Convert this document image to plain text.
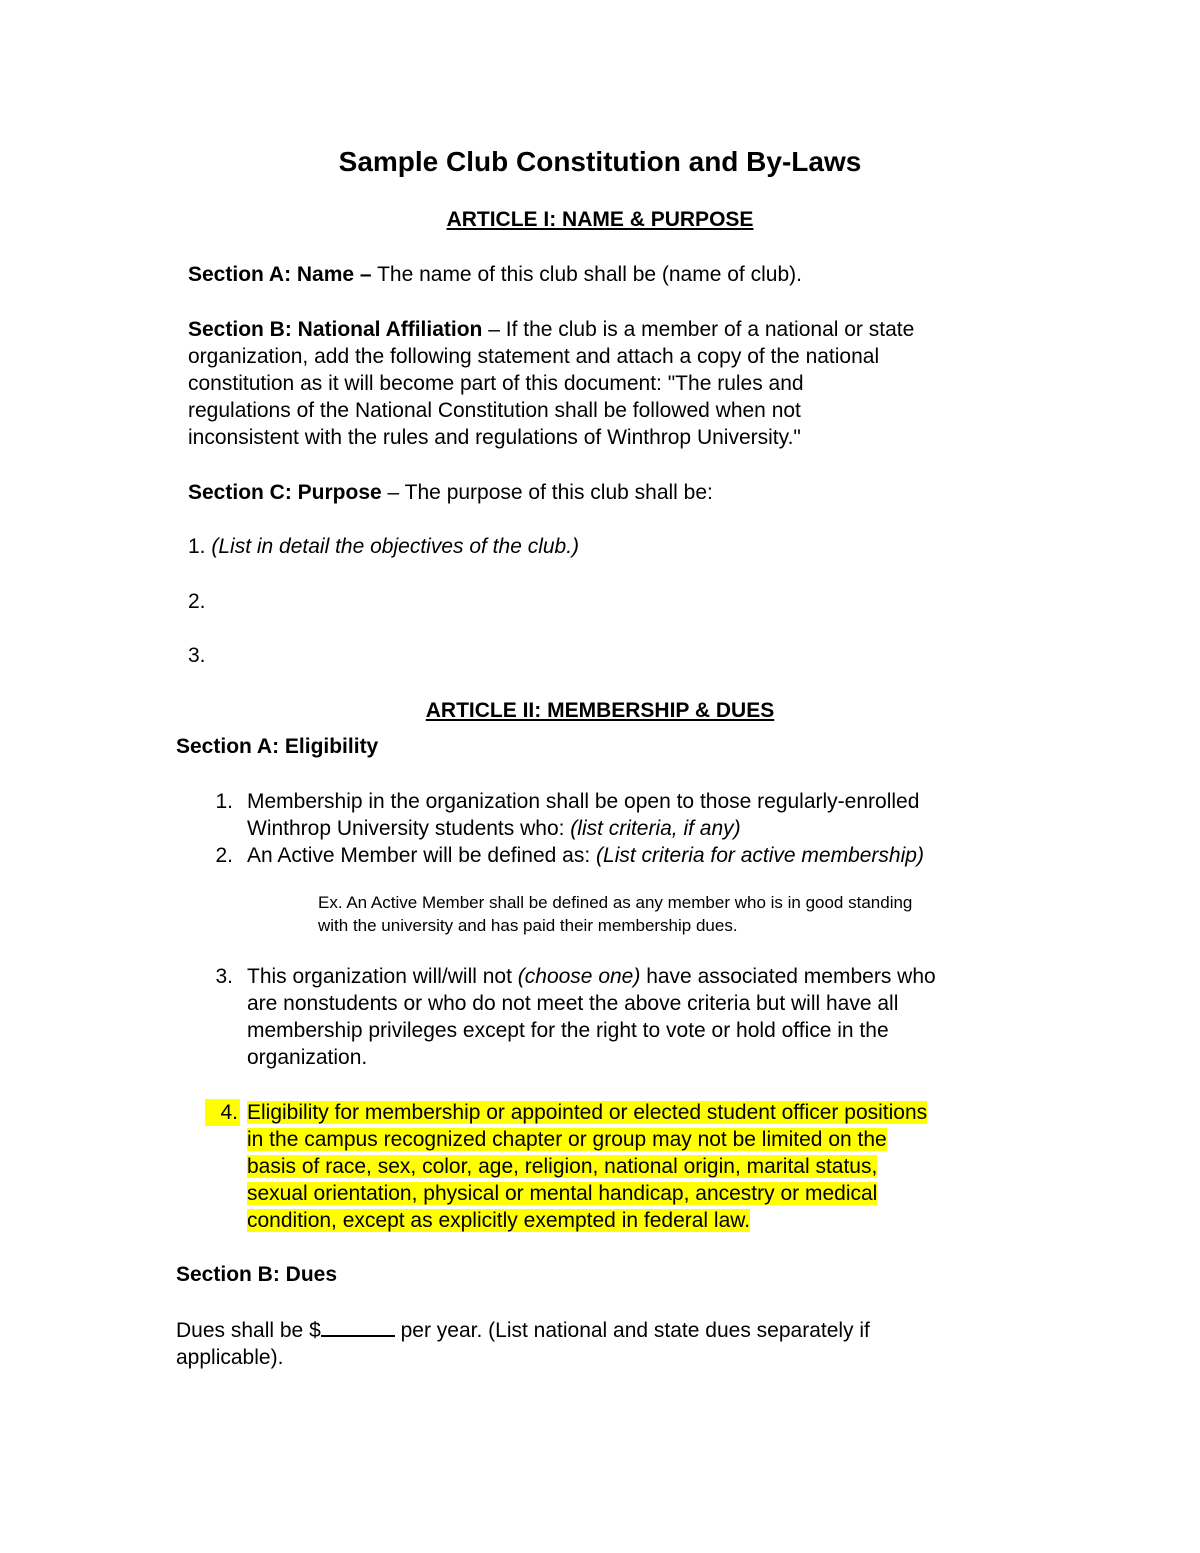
Sample Club Constitution and By-Laws
ARTICLE I: NAME & PURPOSE
Section A: Name – The name of this club shall be (name of club).
Section B: National Affiliation – If the club is a member of a national or state
organization, add the following statement and attach a copy of the national
constitution as it will become part of this document: "The rules and
regulations of the National Constitution shall be followed when not
inconsistent with the rules and regulations of Winthrop University."
Section C: Purpose – The purpose of this club shall be:
1. (List in detail the objectives of the club.)
2.
3.
ARTICLE II: MEMBERSHIP & DUES
Section A: Eligibility
1. Membership in the organization shall be open to those regularly-enrolled
Winthrop University students who: (list criteria, if any)
2. An Active Member will be defined as: (List criteria for active membership)
Ex. An Active Member shall be defined as any member who is in good standing
with the university and has paid their membership dues.
3. This organization will/will not (choose one) have associated members who
are nonstudents or who do not meet the above criteria but will have all
membership privileges except for the right to vote or hold office in the
organization.
4. Eligibility for membership or appointed or elected student officer positions
in the campus recognized chapter or group may not be limited on the
basis of race, sex, color, age, religion, national origin, marital status,
sexual orientation, physical or mental handicap, ancestry or medical
condition, except as explicitly exempted in federal law.
Section B: Dues
Dues shall be $	per year. (List national and state dues separately if
applicable).
